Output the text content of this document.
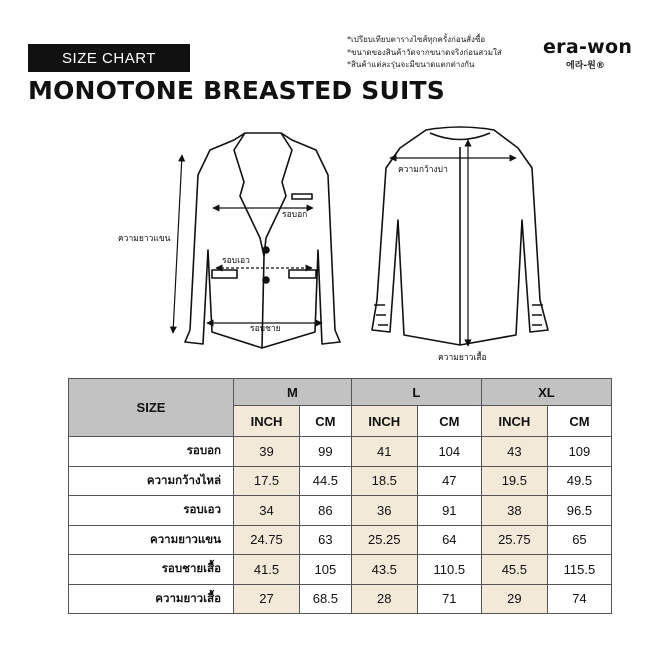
SIZE CHART
MONOTONE BREASTED SUITS
*เปรียบเทียบตารางไซส์ทุกครั้งก่อนสั่งซื้อ
*ขนาดของสินค้าวัดจากขนาดจริงก่อนสวมใส่
*สินค้าแต่ละรุ่นจะมีขนาดแตกต่างกัน
era-won
에라-원®
รอบอก
รอบเอว
ความยาวแขน
รอบชาย
ความกว้างบ่า
ความยาวเสื้อ
SIZE	M		L		XL	
	INCH	CM	INCH	CM	INCH	CM
รอบอก	39	99	41	104	43	109
ความกว้างไหล่	17.5	44.5	18.5	47	19.5	49.5
รอบเอว	34	86	36	91	38	96.5
ความยาวแขน	24.75	63	25.25	64	25.75	65
รอบชายเสื้อ	41.5	105	43.5	110.5	45.5	115.5
ความยาวเสื้อ	27	68.5	28	71	29	74
